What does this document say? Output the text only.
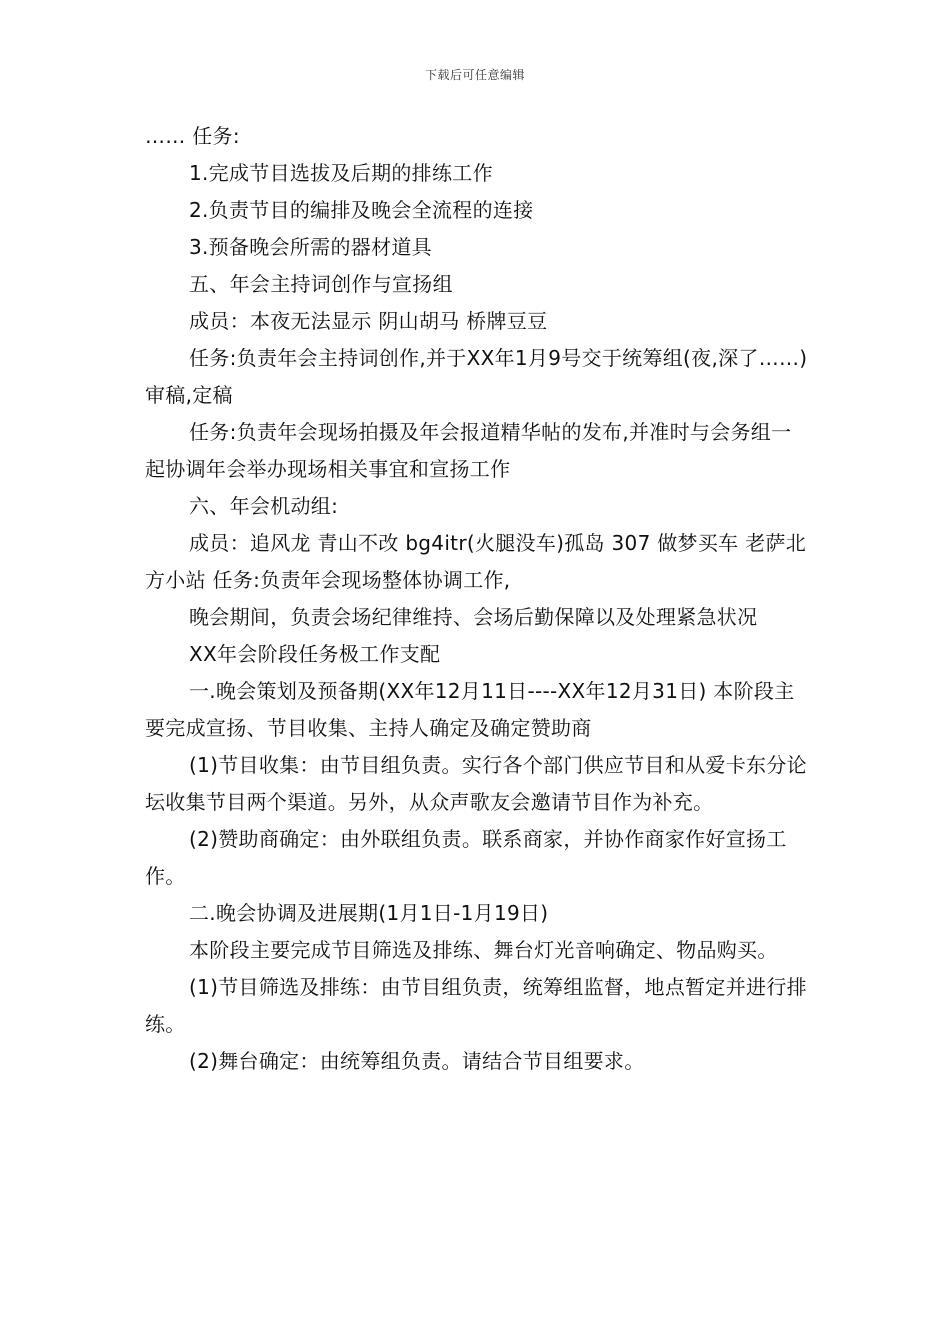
下载后可任意编辑

…… 任务:

1.完成节目选拔及后期的排练工作

2.负责节目的编排及晚会全流程的连接

3.预备晚会所需的器材道具

五、年会主持词创作与宣扬组

成员：本夜无法显示 阴山胡马 桥牌豆豆

任务:负责年会主持词创作,并于XX年1月9号交于统筹组(夜,深了……)审稿,定稿

任务:负责年会现场拍摄及年会报道精华帖的发布,并准时与会务组一起协调年会举办现场相关事宜和宣扬工作

六、年会机动组:

成员：追风龙 青山不改 bg4itr(火腿没车)孤岛 307 做梦买车 老萨北方小站 任务:负责年会现场整体协调工作,

晚会期间，负责会场纪律维持、会场后勤保障以及处理紧急状况

XX年会阶段任务极工作支配

一.晚会策划及预备期(XX年12月11日----XX年12月31日) 本阶段主要完成宣扬、节目收集、主持人确定及确定赞助商

(1)节目收集：由节目组负责。实行各个部门供应节目和从爱卡东分论坛收集节目两个渠道。另外，从众声歌友会邀请节目作为补充。

(2)赞助商确定：由外联组负责。联系商家，并协作商家作好宣扬工作。

二.晚会协调及进展期(1月1日-1月19日)

本阶段主要完成节目筛选及排练、舞台灯光音响确定、物品购买。

(1)节目筛选及排练：由节目组负责，统筹组监督，地点暂定并进行排练。

(2)舞台确定：由统筹组负责。请结合节目组要求。
